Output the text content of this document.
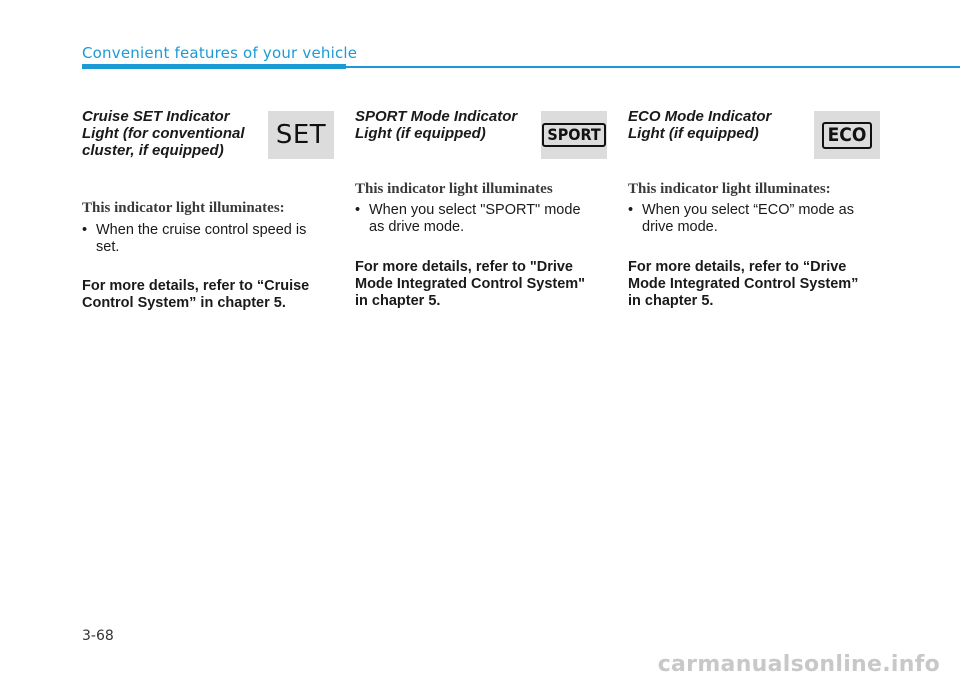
Convenient features of your vehicle
Cruise SET Indicator
Light (for conventional
cluster, if equipped)
SET
This indicator light illuminates:
• When the cruise control speed is
set.
For more details, refer to “Cruise
Control System” in chapter 5.
SPORT Mode Indicator
Light (if equipped)	SPORT
This indicator light illuminates
• When you select "SPORT" mode
as drive mode.
For more details, refer to "Drive
Mode Integrated Control System"
in chapter 5.
ECO Mode Indicator
Light (if equipped)	ECO
This indicator light illuminates:
• When you select “ECO” mode as
drive mode.
For more details, refer to “Drive
Mode Integrated Control System”
in chapter 5.
3-68
carmanualsonline.info
